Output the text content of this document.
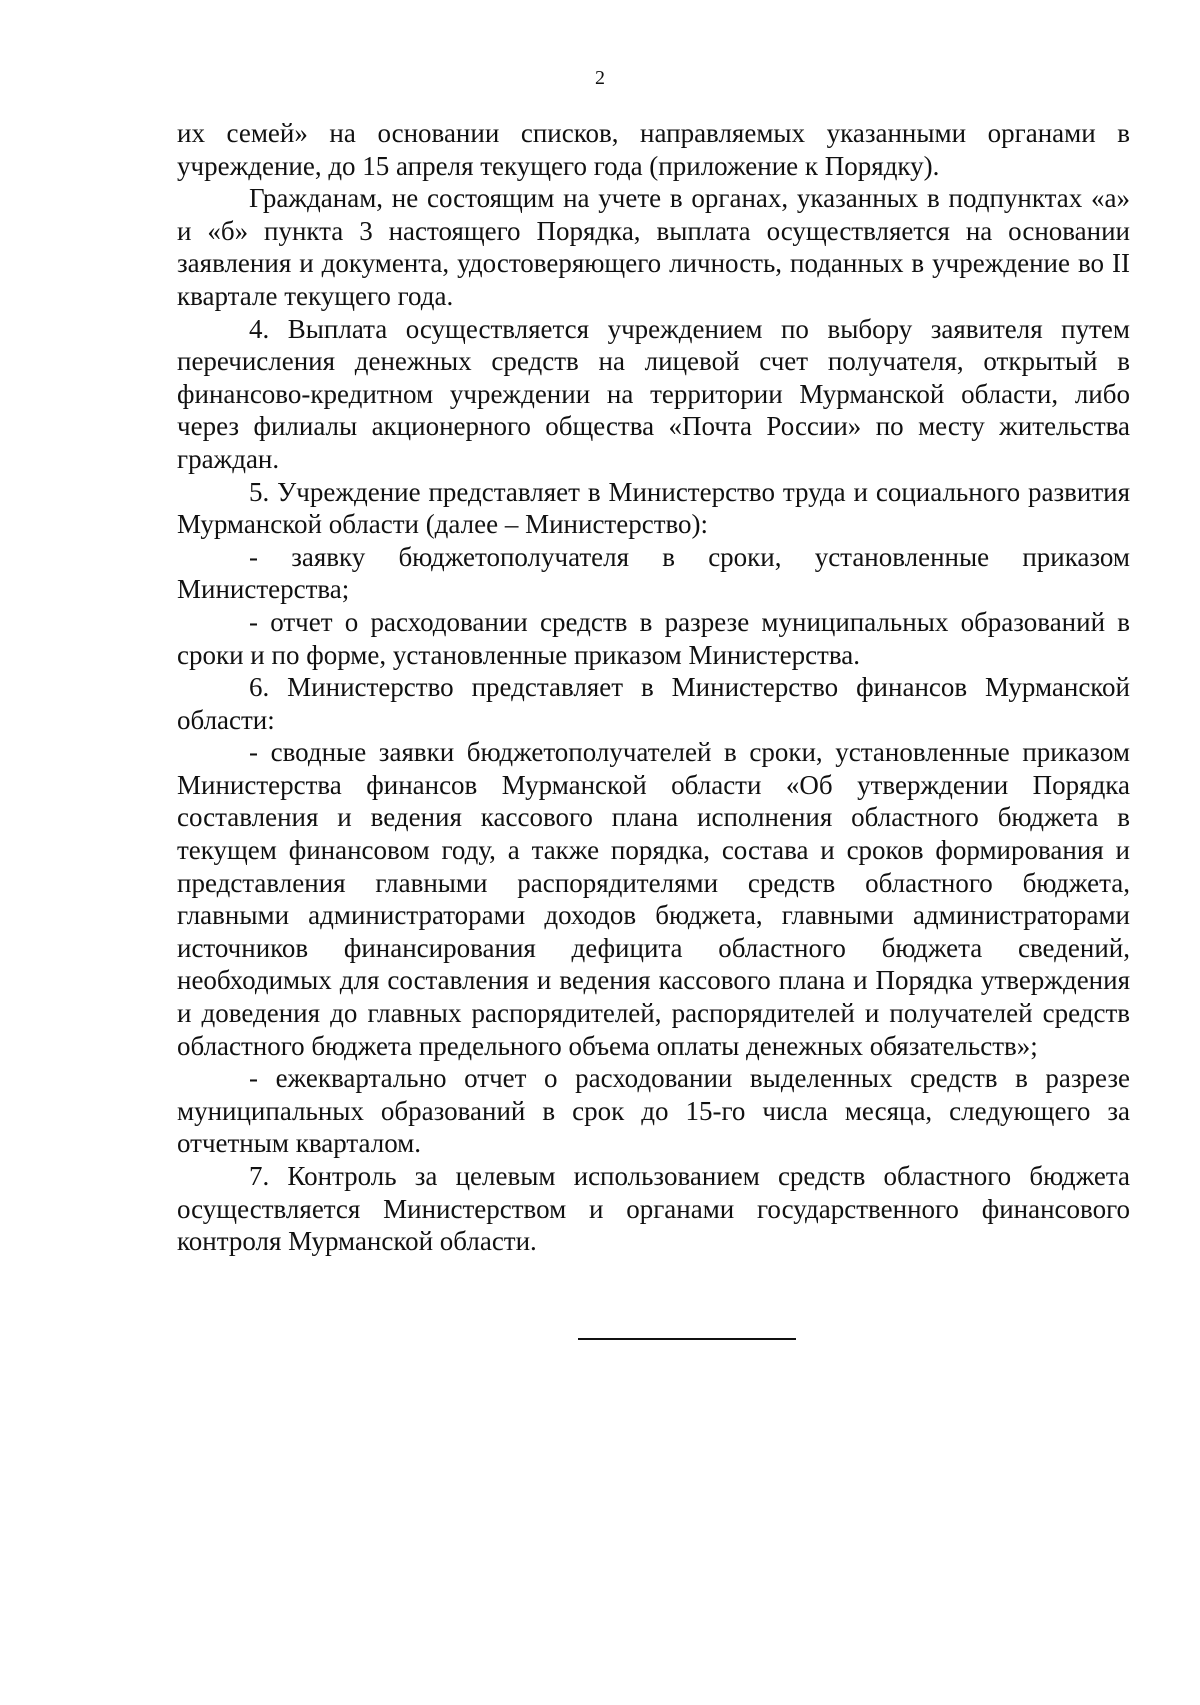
2

их семей» на основании списков, направляемых указанными органами в учреждение, до 15 апреля текущего года (приложение к Порядку).

Гражданам, не состоящим на учете в органах, указанных в подпунктах «а» и «б» пункта 3 настоящего Порядка, выплата осуществляется на основании заявления и документа, удостоверяющего личность, поданных в учреждение во II квартале текущего года.

4. Выплата осуществляется учреждением по выбору заявителя путем перечисления денежных средств на лицевой счет получателя, открытый в финансово-кредитном учреждении на территории Мурманской области, либо через филиалы акционерного общества «Почта России» по месту жительства граждан.

5. Учреждение представляет в Министерство труда и социального развития Мурманской области (далее – Министерство):

- заявку бюджетополучателя в сроки, установленные приказом Министерства;

- отчет о расходовании средств в разрезе муниципальных образований в сроки и по форме, установленные приказом Министерства.

6. Министерство представляет в Министерство финансов Мурманской области:

- сводные заявки бюджетополучателей в сроки, установленные приказом Министерства финансов Мурманской области «Об утверждении Порядка составления и ведения кассового плана исполнения областного бюджета в текущем финансовом году, а также порядка, состава и сроков формирования и представления главными распорядителями средств областного бюджета, главными администраторами доходов бюджета, главными администраторами источников финансирования дефицита областного бюджета сведений, необходимых для составления и ведения кассового плана и Порядка утверждения и доведения до главных распорядителей, распорядителей и получателей средств областного бюджета предельного объема оплаты денежных обязательств»;

- ежеквартально отчет о расходовании выделенных средств в разрезе муниципальных образований в срок до 15-го числа месяца, следующего за отчетным кварталом.

7. Контроль за целевым использованием средств областного бюджета осуществляется Министерством и органами государственного финансового контроля Мурманской области.
